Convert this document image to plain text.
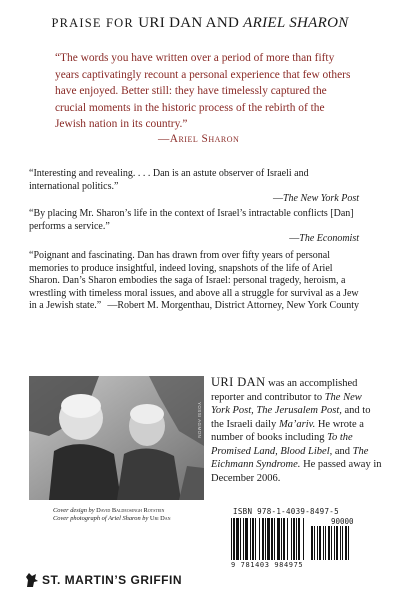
PRAISE FOR URI DAN AND ARIEL SHARON
“The words you have written over a period of more than fifty years captivatingly recount a personal experience that few others have enjoyed. Better still: they have timelessly captured the crucial moments in the historic process of the rebirth of the Jewish nation in its country.”
—Ariel Sharon
“Interesting and revealing. . . . Dan is an astute observer of Israeli and international politics.”
—The New York Post
“By placing Mr. Sharon’s life in the context of Israel’s intractable conflicts [Dan] performs a service.”
—The Economist
“Poignant and fascinating. Dan has drawn from over fifty years of personal memories to produce insightful, indeed loving, snapshots of the life of Ariel Sharon. Dan’s Sharon embodies the saga of Israel: personal tragedy, heroism, a wrestling with timeless moral issues, and above all a struggle for survival as a Jew in a Jewish state.” —Robert M. Morgenthau, District Attorney, New York County
YOSSI AGMON
URI DAN was an accomplished reporter and contributor to The New York Post, The Jerusalem Post, and to the Israeli daily Ma’ariv. He wrote a number of books including To the Promised Land, Blood Libel, and The Eichmann Syndrome. He passed away in December 2006.
Cover design by David Baldeosingh Rotstein
Cover photograph of Ariel Sharon by Uri Dan
ISBN 978-1-4039-8497-5
90000
9 781403 984975
ST. MARTIN’S GRIFFIN
